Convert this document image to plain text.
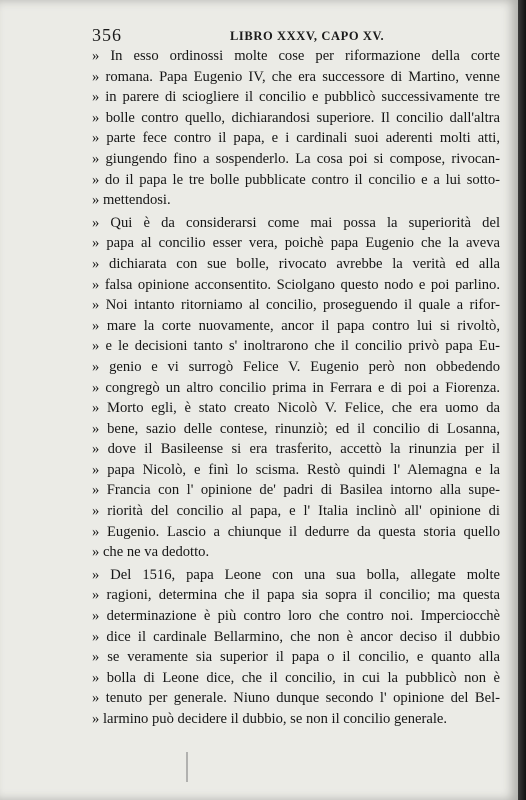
356	LIBRO XXXV, CAPO XV.

» In esso ordinossi molte cose per riformazione della corte
» romana. Papa Eugenio IV, che era successore di Martino, venne
» in parere di sciogliere il concilio e pubblicò successivamente tre
» bolle contro quello, dichiarandosi superiore. Il concilio dall'altra
» parte fece contro il papa, e i cardinali suoi aderenti molti atti,
» giungendo fino a sospenderlo. La cosa poi si compose, rivocan-
» do il papa le tre bolle pubblicate contro il concilio e a lui sotto-
» mettendosi.

» Qui è da considerarsi come mai possa la superiorità del
» papa al concilio esser vera, poichè papa Eugenio che la aveva
» dichiarata con sue bolle, rivocato avrebbe la verità ed alla
» falsa opinione acconsentito. Sciolgano questo nodo e poi parlino.
» Noi intanto ritorniamo al concilio, proseguendo il quale a rifor-
» mare la corte nuovamente, ancor il papa contro lui si rivoltò,
» e le decisioni tanto s' inoltrarono che il concilio privò papa Eu-
» genio e vi surrogò Felice V. Eugenio però non obbedendo
» congregò un altro concilio prima in Ferrara e di poi a Fiorenza.
» Morto egli, è stato creato Nicolò V. Felice, che era uomo da
» bene, sazio delle contese, rinunziò; ed il concilio di Losanna,
» dove il Basileense si era trasferito, accettò la rinunzia per il
» papa Nicolò, e finì lo scisma. Restò quindi l' Alemagna e la
» Francia con l' opinione de' padri di Basilea intorno alla supe-
» riorità del concilio al papa, e l' Italia inclinò all' opinione di
» Eugenio. Lascio a chiunque il dedurre da questa storia quello
» che ne va dedotto.

» Del 1516, papa Leone con una sua bolla, allegate molte
» ragioni, determina che il papa sia sopra il concilio; ma questa
» determinazione è più contro loro che contro noi. Imperciocchè
» dice il cardinale Bellarmino, che non è ancor deciso il dubbio
» se veramente sia superior il papa o il concilio, e quanto alla
» bolla di Leone dice, che il concilio, in cui la pubblicò non è
» tenuto per generale. Niuno dunque secondo l' opinione del Bel-
» larmino può decidere il dubbio, se non il concilio generale.
